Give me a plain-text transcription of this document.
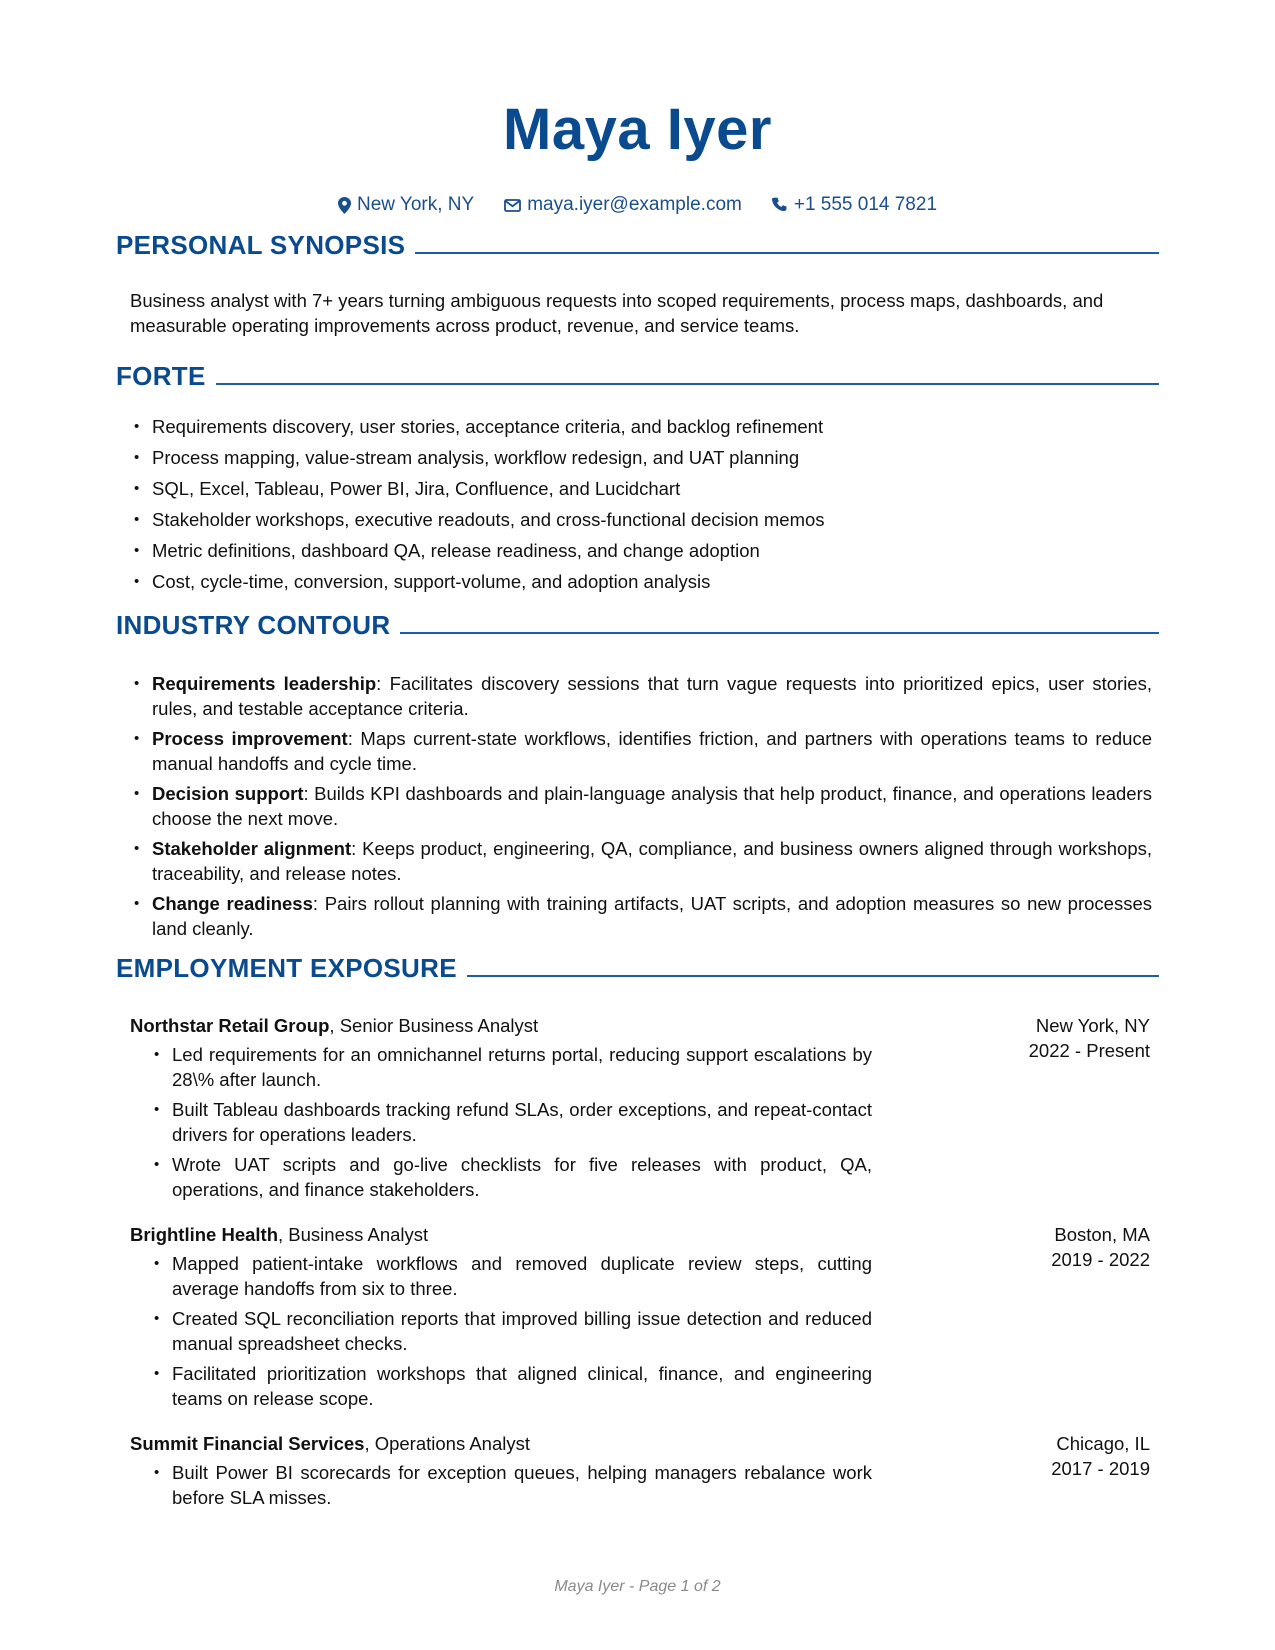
Maya Iyer
New York, NY	maya.iyer@example.com	+1 555 014 7821
PERSONAL SYNOPSIS
Business analyst with 7+ years turning ambiguous requests into scoped requirements, process maps, dashboards, and measurable operating improvements across product, revenue, and service teams.
FORTE
• Requirements discovery, user stories, acceptance criteria, and backlog refinement
• Process mapping, value-stream analysis, workflow redesign, and UAT planning
• SQL, Excel, Tableau, Power BI, Jira, Confluence, and Lucidchart
• Stakeholder workshops, executive readouts, and cross-functional decision memos
• Metric definitions, dashboard QA, release readiness, and change adoption
• Cost, cycle-time, conversion, support-volume, and adoption analysis
INDUSTRY CONTOUR
• Requirements leadership: Facilitates discovery sessions that turn vague requests into prioritized epics, user stories, rules, and testable acceptance criteria.
• Process improvement: Maps current-state workflows, identifies friction, and partners with operations teams to reduce manual handoffs and cycle time.
• Decision support: Builds KPI dashboards and plain-language analysis that help product, finance, and operations leaders choose the next move.
• Stakeholder alignment: Keeps product, engineering, QA, compliance, and business owners aligned through workshops, traceability, and release notes.
• Change readiness: Pairs rollout planning with training artifacts, UAT scripts, and adoption measures so new processes land cleanly.
EMPLOYMENT EXPOSURE
Northstar Retail Group, Senior Business Analyst	New York, NY
2022 - Present
• Led requirements for an omnichannel returns portal, reducing support escalations by 28\% after launch.
• Built Tableau dashboards tracking refund SLAs, order exceptions, and repeat-contact drivers for operations leaders.
• Wrote UAT scripts and go-live checklists for five releases with product, QA, operations, and finance stakeholders.
Brightline Health, Business Analyst	Boston, MA
2019 - 2022
• Mapped patient-intake workflows and removed duplicate review steps, cutting average handoffs from six to three.
• Created SQL reconciliation reports that improved billing issue detection and reduced manual spreadsheet checks.
• Facilitated prioritization workshops that aligned clinical, finance, and engineering teams on release scope.
Summit Financial Services, Operations Analyst	Chicago, IL
2017 - 2019
• Built Power BI scorecards for exception queues, helping managers rebalance work before SLA misses.
Maya Iyer - Page 1 of 2
